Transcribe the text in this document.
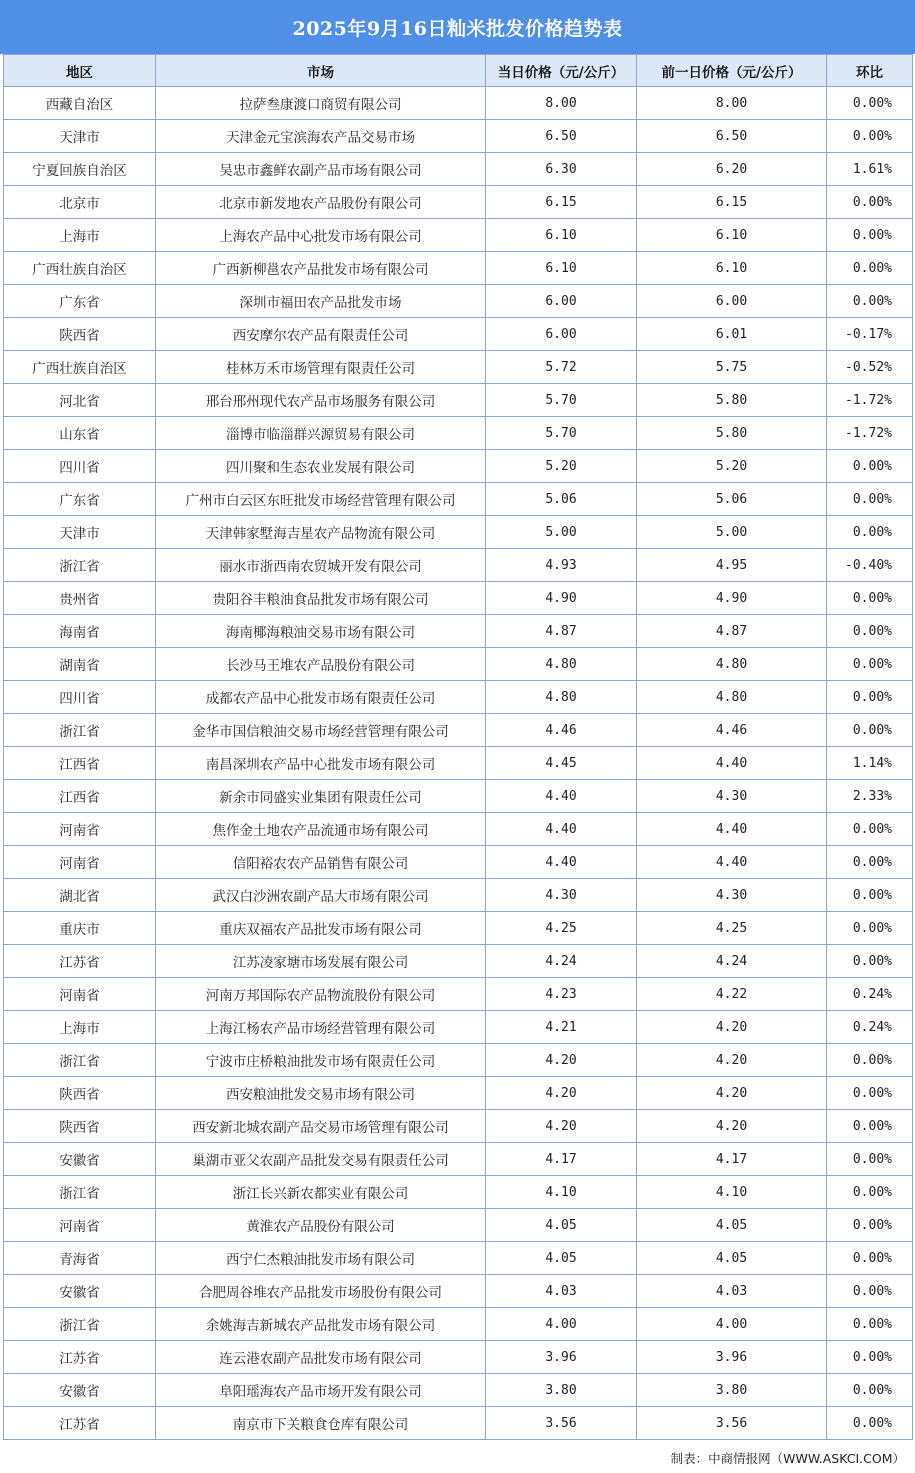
2025年9月16日籼米批发价格趋势表
地区	市场	当日价格（元/公斤）	前一日价格（元/公斤）	环比
西藏自治区	拉萨叁康渡口商贸有限公司	8.00	8.00	0.00%
天津市	天津金元宝滨海农产品交易市场	6.50	6.50	0.00%
宁夏回族自治区	吴忠市鑫鲜农副产品市场有限公司	6.30	6.20	1.61%
北京市	北京市新发地农产品股份有限公司	6.15	6.15	0.00%
上海市	上海农产品中心批发市场有限公司	6.10	6.10	0.00%
广西壮族自治区	广西新柳邕农产品批发市场有限公司	6.10	6.10	0.00%
广东省	深圳市福田农产品批发市场	6.00	6.00	0.00%
陕西省	西安摩尔农产品有限责任公司	6.00	6.01	-0.17%
广西壮族自治区	桂林万禾市场管理有限责任公司	5.72	5.75	-0.52%
河北省	邢台邢州现代农产品市场服务有限公司	5.70	5.80	-1.72%
山东省	淄博市临淄群兴源贸易有限公司	5.70	5.80	-1.72%
四川省	四川聚和生态农业发展有限公司	5.20	5.20	0.00%
广东省	广州市白云区东旺批发市场经营管理有限公司	5.06	5.06	0.00%
天津市	天津韩家墅海吉星农产品物流有限公司	5.00	5.00	0.00%
浙江省	丽水市浙西南农贸城开发有限公司	4.93	4.95	-0.40%
贵州省	贵阳谷丰粮油食品批发市场有限公司	4.90	4.90	0.00%
海南省	海南椰海粮油交易市场有限公司	4.87	4.87	0.00%
湖南省	长沙马王堆农产品股份有限公司	4.80	4.80	0.00%
四川省	成都农产品中心批发市场有限责任公司	4.80	4.80	0.00%
浙江省	金华市国信粮油交易市场经营管理有限公司	4.46	4.46	0.00%
江西省	南昌深圳农产品中心批发市场有限公司	4.45	4.40	1.14%
江西省	新余市同盛实业集团有限责任公司	4.40	4.30	2.33%
河南省	焦作金土地农产品流通市场有限公司	4.40	4.40	0.00%
河南省	信阳裕农农产品销售有限公司	4.40	4.40	0.00%
湖北省	武汉白沙洲农副产品大市场有限公司	4.30	4.30	0.00%
重庆市	重庆双福农产品批发市场有限公司	4.25	4.25	0.00%
江苏省	江苏凌家塘市场发展有限公司	4.24	4.24	0.00%
河南省	河南万邦国际农产品物流股份有限公司	4.23	4.22	0.24%
上海市	上海江杨农产品市场经营管理有限公司	4.21	4.20	0.24%
浙江省	宁波市庄桥粮油批发市场有限责任公司	4.20	4.20	0.00%
陕西省	西安粮油批发交易市场有限公司	4.20	4.20	0.00%
陕西省	西安新北城农副产品交易市场管理有限公司	4.20	4.20	0.00%
安徽省	巢湖市亚父农副产品批发交易有限责任公司	4.17	4.17	0.00%
浙江省	浙江长兴新农都实业有限公司	4.10	4.10	0.00%
河南省	黄淮农产品股份有限公司	4.05	4.05	0.00%
青海省	西宁仁杰粮油批发市场有限公司	4.05	4.05	0.00%
安徽省	合肥周谷堆农产品批发市场股份有限公司	4.03	4.03	0.00%
浙江省	余姚海吉新城农产品批发市场有限公司	4.00	4.00	0.00%
江苏省	连云港农副产品批发市场有限公司	3.96	3.96	0.00%
安徽省	阜阳瑶海农产品市场开发有限公司	3.80	3.80	0.00%
江苏省	南京市下关粮食仓库有限公司	3.56	3.56	0.00%
制表：中商情报网（WWW.ASKCI.COM）
